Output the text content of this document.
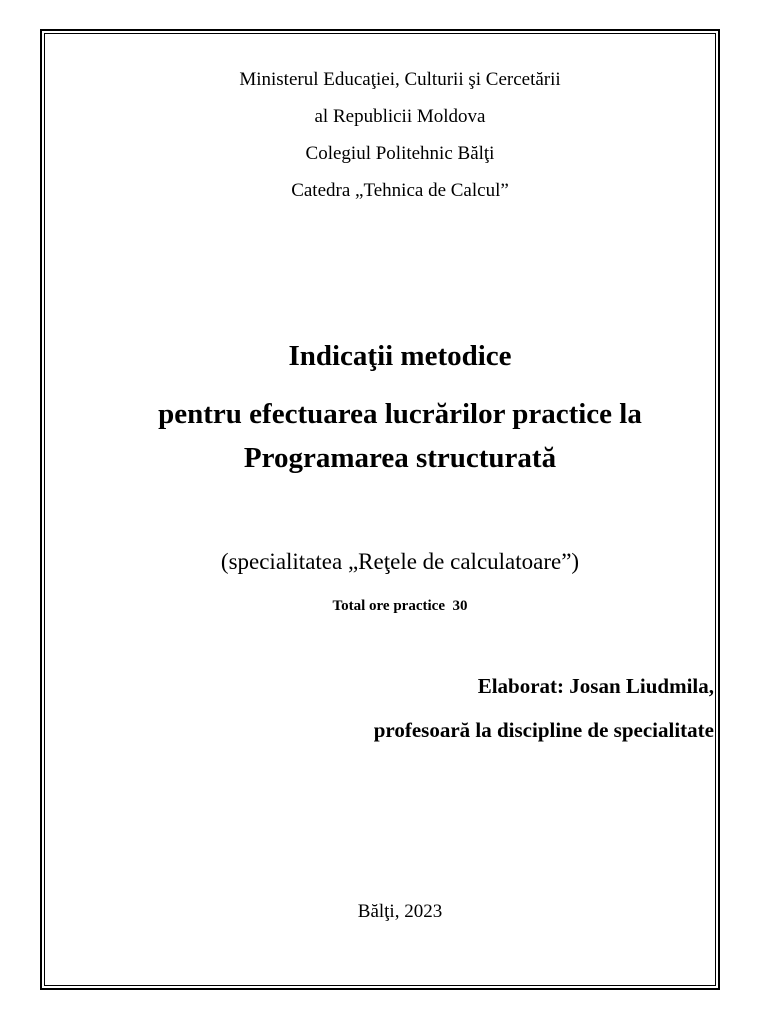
Ministerul Educaţiei, Culturii şi Cercetării
al Republicii Moldova
Colegiul Politehnic Bălţi
Catedra „Tehnica de Calcul”
Indicaţii metodice
pentru efectuarea lucrărilor practice la
Programarea structurată
(specialitatea „Reţele de calculatoare”)
Total ore practice  30
Elaborat: Josan Liudmila,
profesoară la discipline de specialitate
Bălţi, 2023
